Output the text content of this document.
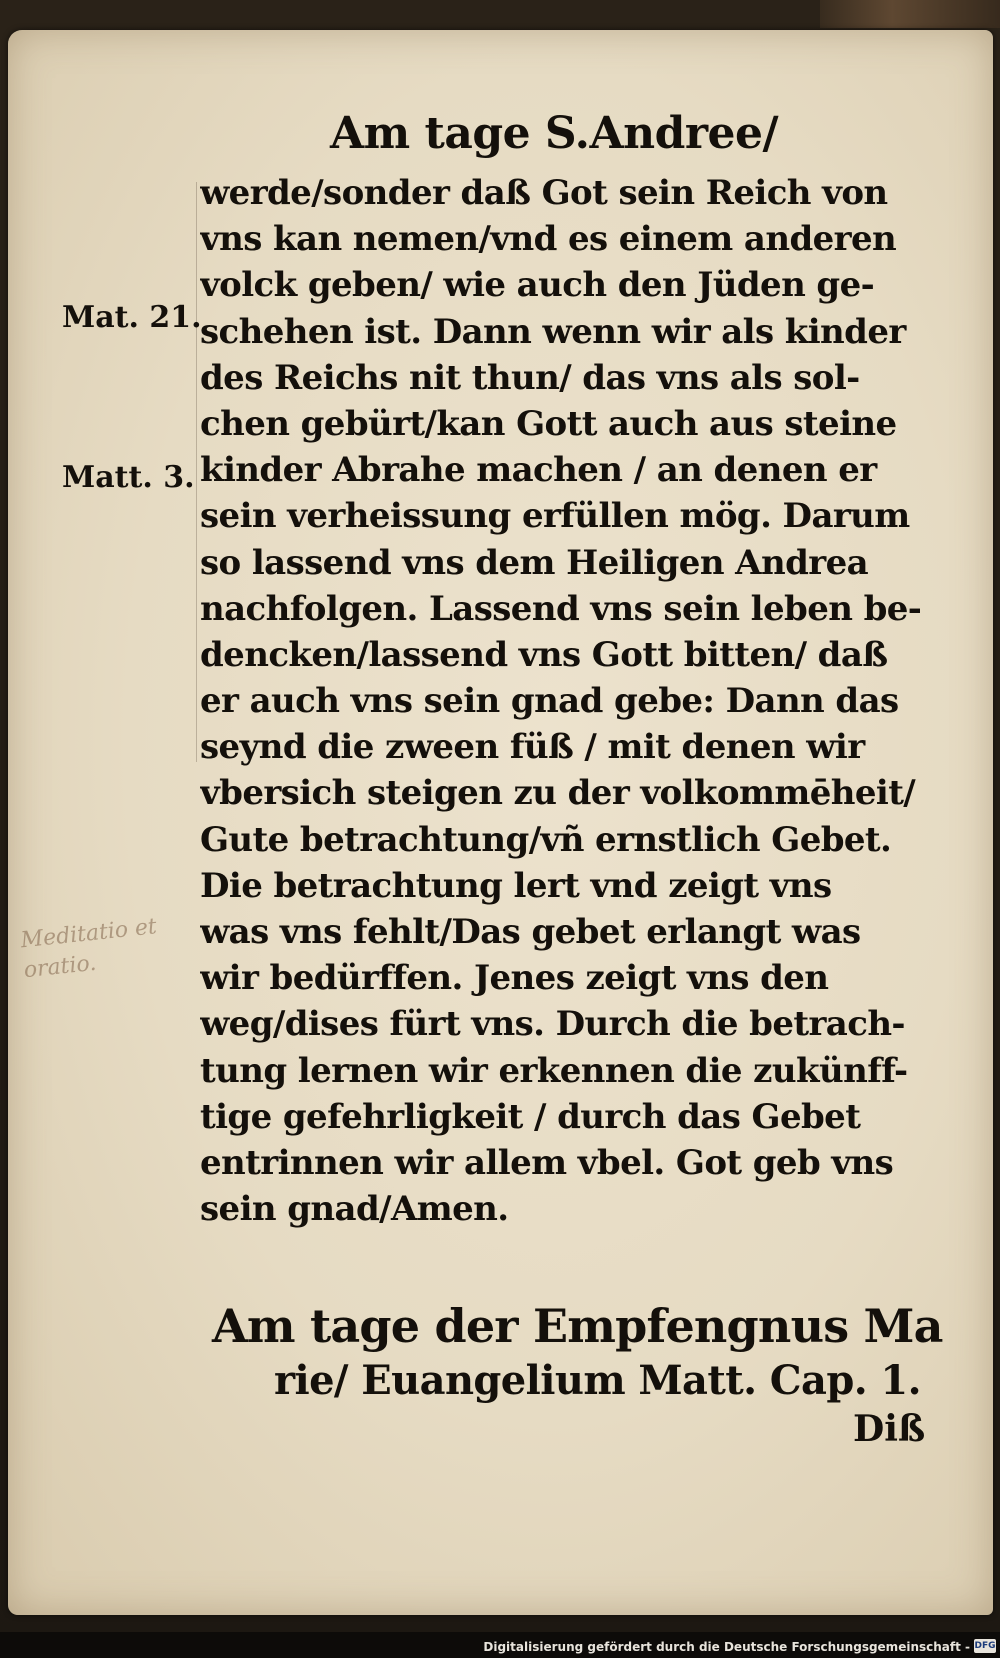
Am tage S.Andree/
Mat. 21.
Matt. 3.
Meditatio et
oratio.
werde/sonder daß Got sein Reich von
vns kan nemen/vnd es einem anderen
volck geben/ wie auch den Jüden ge-
schehen ist. Dann wenn wir als kinder
des Reichs nit thun/ das vns als sol-
chen gebürt/kan Gott auch aus steine
kinder Abrahe machen / an denen er
sein verheissung erfüllen mög. Darum
so lassend vns dem Heiligen Andrea
nachfolgen. Lassend vns sein leben be-
dencken/lassend vns Gott bitten/ daß
er auch vns sein gnad gebe: Dann das
seynd die zween füß / mit denen wir
vbersich steigen zu der volkommēheit/
Gute betrachtung/vñ ernstlich Gebet.
Die betrachtung lert vnd zeigt vns
was vns fehlt/Das gebet erlangt was
wir bedürffen. Jenes zeigt vns den
weg/dises fürt vns. Durch die betrach-
tung lernen wir erkennen die zukünff-
tige gefehrligkeit / durch das Gebet
entrinnen wir allem vbel. Got geb vns
sein gnad/Amen.
Am tage der Empfengnus Ma
rie/ Euangelium Matt. Cap. 1.
Diß
Digitalisierung gefördert durch die Deutsche Forschungsgemeinschaft - DFG
